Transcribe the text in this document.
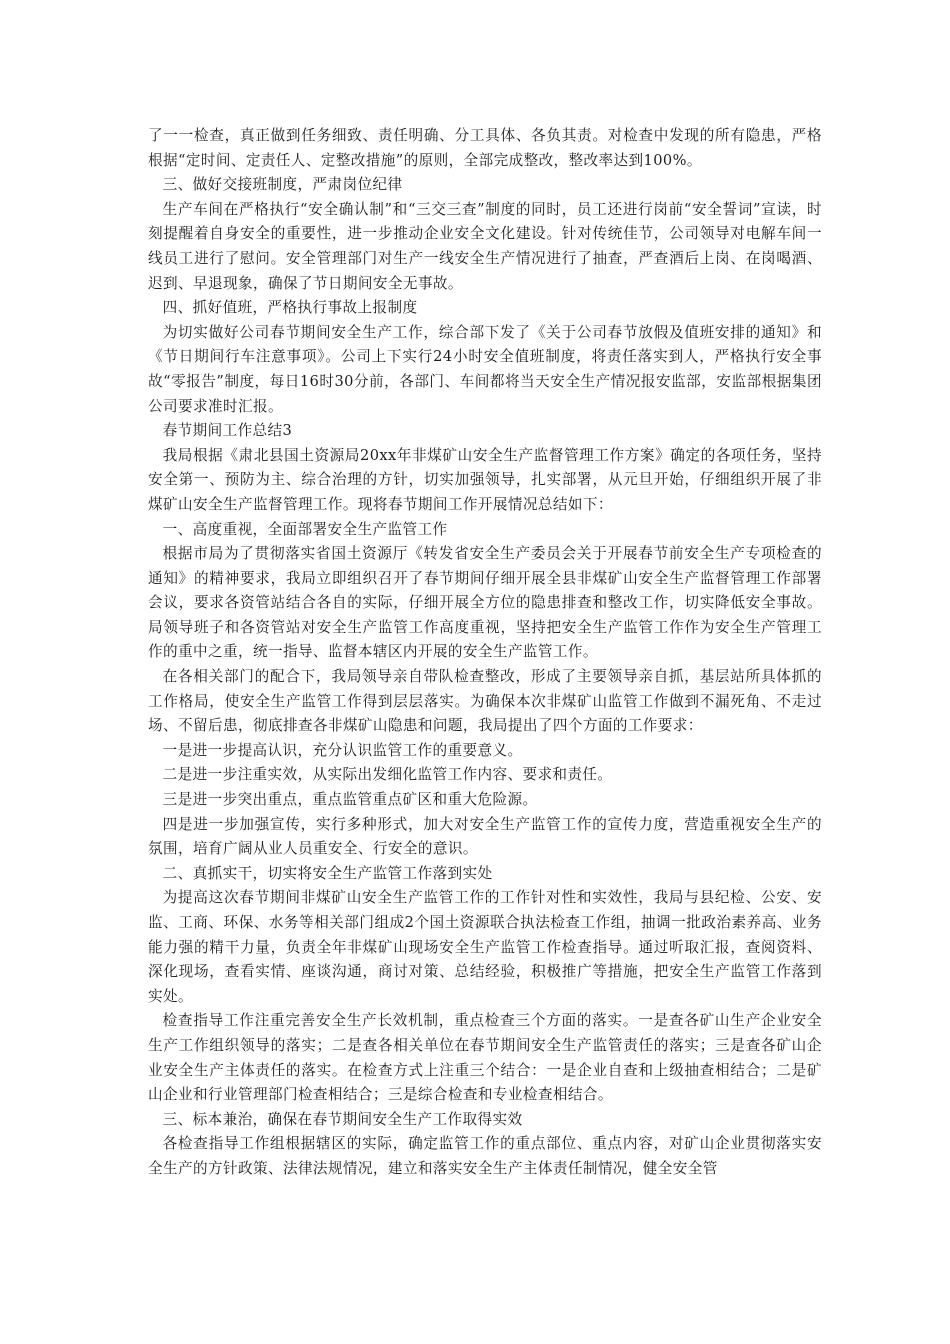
了一一检查，真正做到任务细致、责任明确、分工具体、各负其责。对检查中发现的所有隐患，严格根据“定时间、定责任人、定整改措施”的原则，全部完成整改，整改率达到100%。

三、做好交接班制度，严肃岗位纪律

生产车间在严格执行“安全确认制”和“三交三查”制度的同时，员工还进行岗前“安全誓词”宣读，时刻提醒着自身安全的重要性，进一步推动企业安全文化建设。针对传统佳节，公司领导对电解车间一线员工进行了慰问。安全管理部门对生产一线安全生产情况进行了抽查，严查酒后上岗、在岗喝酒、迟到、早退现象，确保了节日期间安全无事故。

四、抓好值班，严格执行事故上报制度

为切实做好公司春节期间安全生产工作，综合部下发了《关于公司春节放假及值班安排的通知》和《节日期间行车注意事项》。公司上下实行24小时安全值班制度，将责任落实到人，严格执行安全事故“零报告”制度，每日16时30分前，各部门、车间都将当天安全生产情况报安监部，安监部根据集团公司要求准时汇报。

春节期间工作总结3

我局根据《肃北县国土资源局20xx年非煤矿山安全生产监督管理工作方案》确定的各项任务，坚持安全第一、预防为主、综合治理的方针，切实加强领导，扎实部署，从元旦开始，仔细组织开展了非煤矿山安全生产监督管理工作。现将春节期间工作开展情况总结如下：

一、高度重视，全面部署安全生产监管工作

根据市局为了贯彻落实省国土资源厅《转发省安全生产委员会关于开展春节前安全生产专项检查的通知》的精神要求，我局立即组织召开了春节期间仔细开展全县非煤矿山安全生产监督管理工作部署会议，要求各资管站结合各自的实际，仔细开展全方位的隐患排查和整改工作，切实降低安全事故。局领导班子和各资管站对安全生产监管工作高度重视，坚持把安全生产监管工作作为安全生产管理工作的重中之重，统一指导、监督本辖区内开展的安全生产监管工作。

在各相关部门的配合下，我局领导亲自带队检查整改，形成了主要领导亲自抓，基层站所具体抓的工作格局，使安全生产监管工作得到层层落实。为确保本次非煤矿山监管工作做到不漏死角、不走过场、不留后患，彻底排查各非煤矿山隐患和问题，我局提出了四个方面的工作要求：

一是进一步提高认识，充分认识监管工作的重要意义。

二是进一步注重实效，从实际出发细化监管工作内容、要求和责任。

三是进一步突出重点，重点监管重点矿区和重大危险源。

四是进一步加强宣传，实行多种形式，加大对安全生产监管工作的宣传力度，营造重视安全生产的氛围，培育广阔从业人员重安全、行安全的意识。

二、真抓实干，切实将安全生产监管工作落到实处

为提高这次春节期间非煤矿山安全生产监管工作的工作针对性和实效性，我局与县纪检、公安、安监、工商、环保、水务等相关部门组成2个国土资源联合执法检查工作组，抽调一批政治素养高、业务能力强的精干力量，负责全年非煤矿山现场安全生产监管工作检查指导。通过听取汇报，查阅资料、深化现场，查看实情、座谈沟通，商讨对策、总结经验，积极推广等措施，把安全生产监管工作落到实处。

检查指导工作注重完善安全生产长效机制，重点检查三个方面的落实。一是查各矿山生产企业安全生产工作组织领导的落实；二是查各相关单位在春节期间安全生产监管责任的落实；三是查各矿山企业安全生产主体责任的落实。在检查方式上注重三个结合：一是企业自查和上级抽查相结合；二是矿山企业和行业管理部门检查相结合；三是综合检查和专业检查相结合。

三、标本兼治，确保在春节期间安全生产工作取得实效

各检查指导工作组根据辖区的实际，确定监管工作的重点部位、重点内容，对矿山企业贯彻落实安全生产的方针政策、法律法规情况，建立和落实安全生产主体责任制情况，健全安全管
